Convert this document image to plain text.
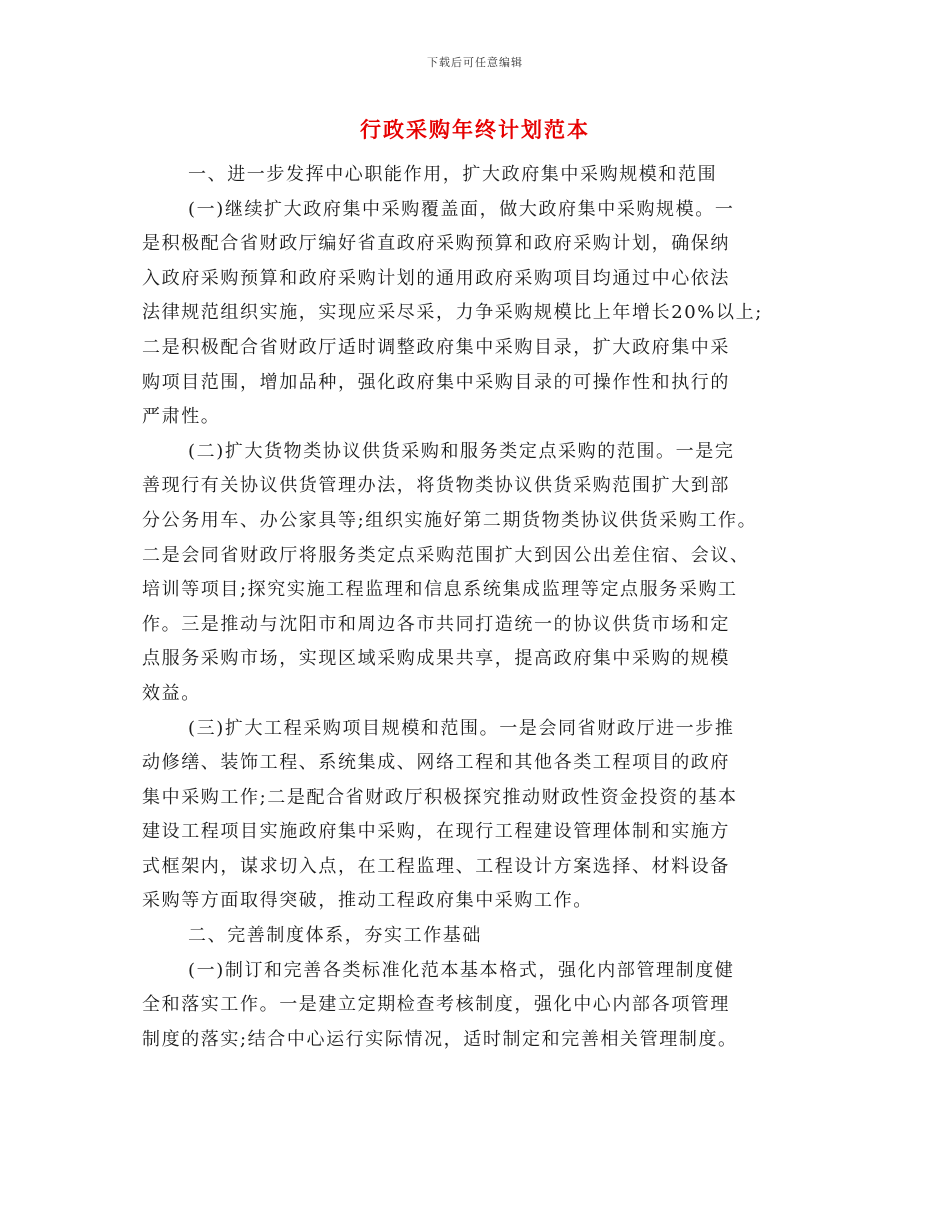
下载后可任意编辑
行政采购年终计划范本
一、进一步发挥中心职能作用，扩大政府集中采购规模和范围
(一)继续扩大政府集中采购覆盖面，做大政府集中采购规模。一
是积极配合省财政厅编好省直政府采购预算和政府采购计划，确保纳
入政府采购预算和政府采购计划的通用政府采购项目均通过中心依法
法律规范组织实施，实现应采尽采，力争采购规模比上年增长20%以上;
二是积极配合省财政厅适时调整政府集中采购目录，扩大政府集中采
购项目范围，增加品种，强化政府集中采购目录的可操作性和执行的
严肃性。
(二)扩大货物类协议供货采购和服务类定点采购的范围。一是完
善现行有关协议供货管理办法，将货物类协议供货采购范围扩大到部
分公务用车、办公家具等;组织实施好第二期货物类协议供货采购工作。
二是会同省财政厅将服务类定点采购范围扩大到因公出差住宿、会议、
培训等项目;探究实施工程监理和信息系统集成监理等定点服务采购工
作。三是推动与沈阳市和周边各市共同打造统一的协议供货市场和定
点服务采购市场，实现区域采购成果共享，提高政府集中采购的规模
效益。
(三)扩大工程采购项目规模和范围。一是会同省财政厅进一步推
动修缮、装饰工程、系统集成、网络工程和其他各类工程项目的政府
集中采购工作;二是配合省财政厅积极探究推动财政性资金投资的基本
建设工程项目实施政府集中采购，在现行工程建设管理体制和实施方
式框架内，谋求切入点，在工程监理、工程设计方案选择、材料设备
采购等方面取得突破，推动工程政府集中采购工作。
二、完善制度体系，夯实工作基础
(一)制订和完善各类标准化范本基本格式，强化内部管理制度健
全和落实工作。一是建立定期检查考核制度，强化中心内部各项管理
制度的落实;结合中心运行实际情况，适时制定和完善相关管理制度。
